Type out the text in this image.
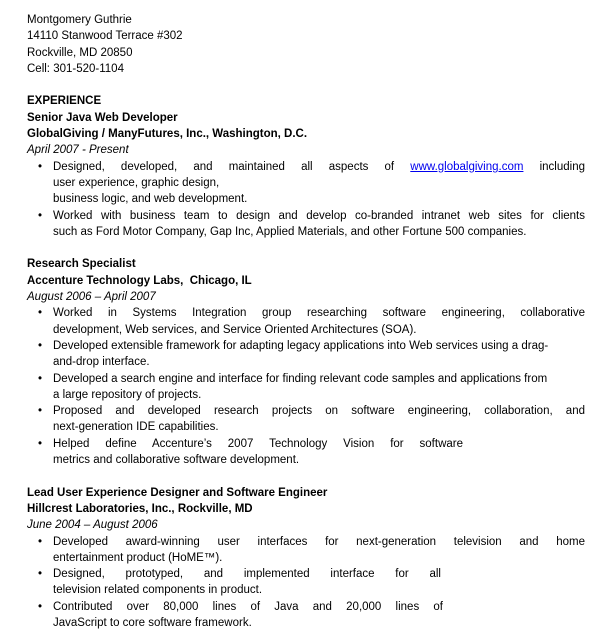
Montgomery Guthrie
14110 Stanwood Terrace #302
Rockville, MD 20850
Cell: 301-520-1104
EXPERIENCE
Senior Java Web Developer
GlobalGiving / ManyFutures, Inc., Washington, D.C.
April 2007 - Present
• Designed, developed, and maintained all aspects of www.globalgiving.com including
user experience, graphic design,
business logic, and web development.
• Worked with business team to design and develop co-branded intranet web sites for clients
such as Ford Motor Company, Gap Inc, Applied Materials, and other Fortune 500 companies.
Research Specialist
Accenture Technology Labs,  Chicago, IL
August 2006 – April 2007
• Worked in Systems Integration group researching software engineering, collaborative
development, Web services, and Service Oriented Architectures (SOA).
• Developed extensible framework for adapting legacy applications into Web services using a drag-
and-drop interface.
• Developed a search engine and interface for finding relevant code samples and applications from
a large repository of projects.
• Proposed and developed research projects on software engineering, collaboration, and
next-generation IDE capabilities.
• Helped define Accenture’s 2007 Technology Vision for software
metrics and collaborative software development.
Lead User Experience Designer and Software Engineer
Hillcrest Laboratories, Inc., Rockville, MD
June 2004 – August 2006
• Developed award-winning user interfaces for next-generation television and home
entertainment product (HoME™).
• Designed, prototyped, and implemented interface for all
television related components in product.
• Contributed over 80,000 lines of Java and 20,000 lines of
JavaScript to core software framework.
